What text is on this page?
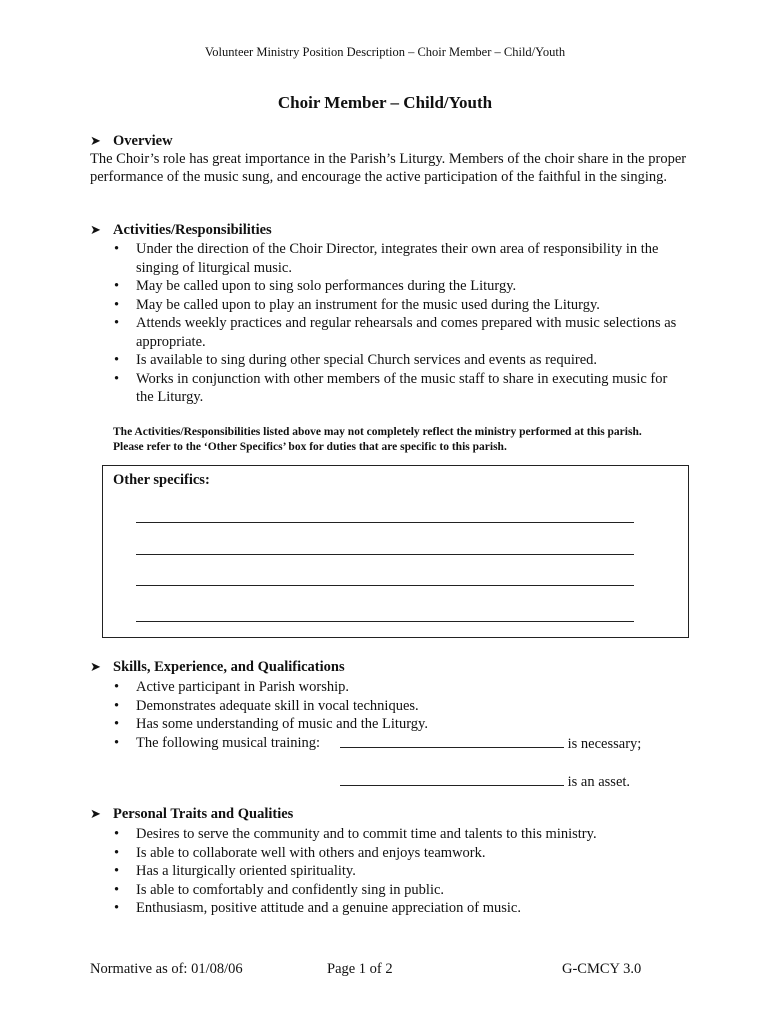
Volunteer Ministry Position Description – Choir Member – Child/Youth
Choir Member – Child/Youth
➤ Overview
The Choir’s role has great importance in the Parish’s Liturgy. Members of the choir share in the proper performance of the music sung, and encourage the active participation of the faithful in the singing.
➤ Activities/Responsibilities
• Under the direction of the Choir Director, integrates their own area of responsibility in the singing of liturgical music.
• May be called upon to sing solo performances during the Liturgy.
• May be called upon to play an instrument for the music used during the Liturgy.
• Attends weekly practices and regular rehearsals and comes prepared with music selections as appropriate.
• Is available to sing during other special Church services and events as required.
• Works in conjunction with other members of the music staff to share in executing music for the Liturgy.
The Activities/Responsibilities listed above may not completely reflect the ministry performed at this parish. Please refer to the ‘Other Specifics’ box for duties that are specific to this parish.
Other specifics:
➤ Skills, Experience, and Qualifications
• Active participant in Parish worship.
• Demonstrates adequate skill in vocal techniques.
• Has some understanding of music and the Liturgy.
• The following musical training:	is necessary;
is an asset.
➤ Personal Traits and Qualities
• Desires to serve the community and to commit time and talents to this ministry.
• Is able to collaborate well with others and enjoys teamwork.
• Has a liturgically oriented spirituality.
• Is able to comfortably and confidently sing in public.
• Enthusiasm, positive attitude and a genuine appreciation of music.
Normative as of: 01/08/06	Page 1 of 2	G-CMCY 3.0
